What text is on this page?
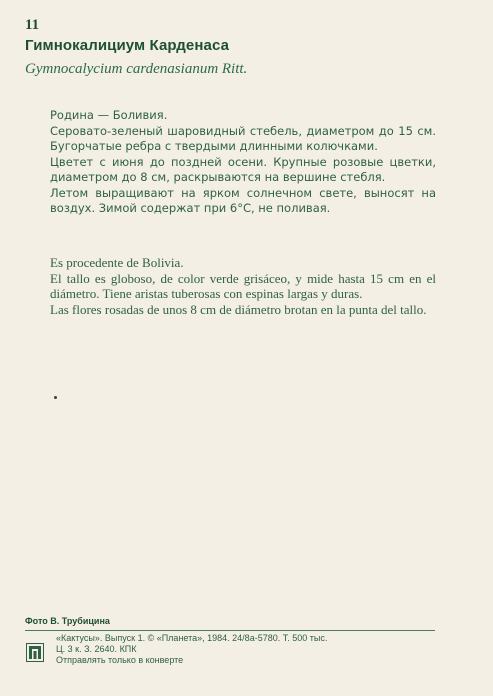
11
Гимнокалициум Карденаса
Gymnocalycium cardenasianum Ritt.

Родина — Боливия.

Серовато-зеленый шаровидный стебель, диаметром до 15 см. Бугорчатые ребра с твердыми длинными колючками.

Цветет с июня до поздней осени. Крупные розовые цветки, диаметром до 8 см, раскрываются на вершине стебля.

Летом выращивают на ярком солнечном свете, выносят на воздух. Зимой содержат при 6°С, не поливая.

Es procedente de Bolivia.

El tallo es globoso, de color verde grisáceo, y mide hasta 15 cm en el diámetro. Tiene aristas tuberosas con espinas largas y duras.

Las flores rosadas de unos 8 cm de diámetro brotan en la punta del tallo.

Фото В. Трубицина
«Кактусы». Выпуск 1. © «Планета», 1984. 24/8а-5780. Т. 500 тыс.
Ц. 3 к. З. 2640. КПК
Отправлять только в конверте
